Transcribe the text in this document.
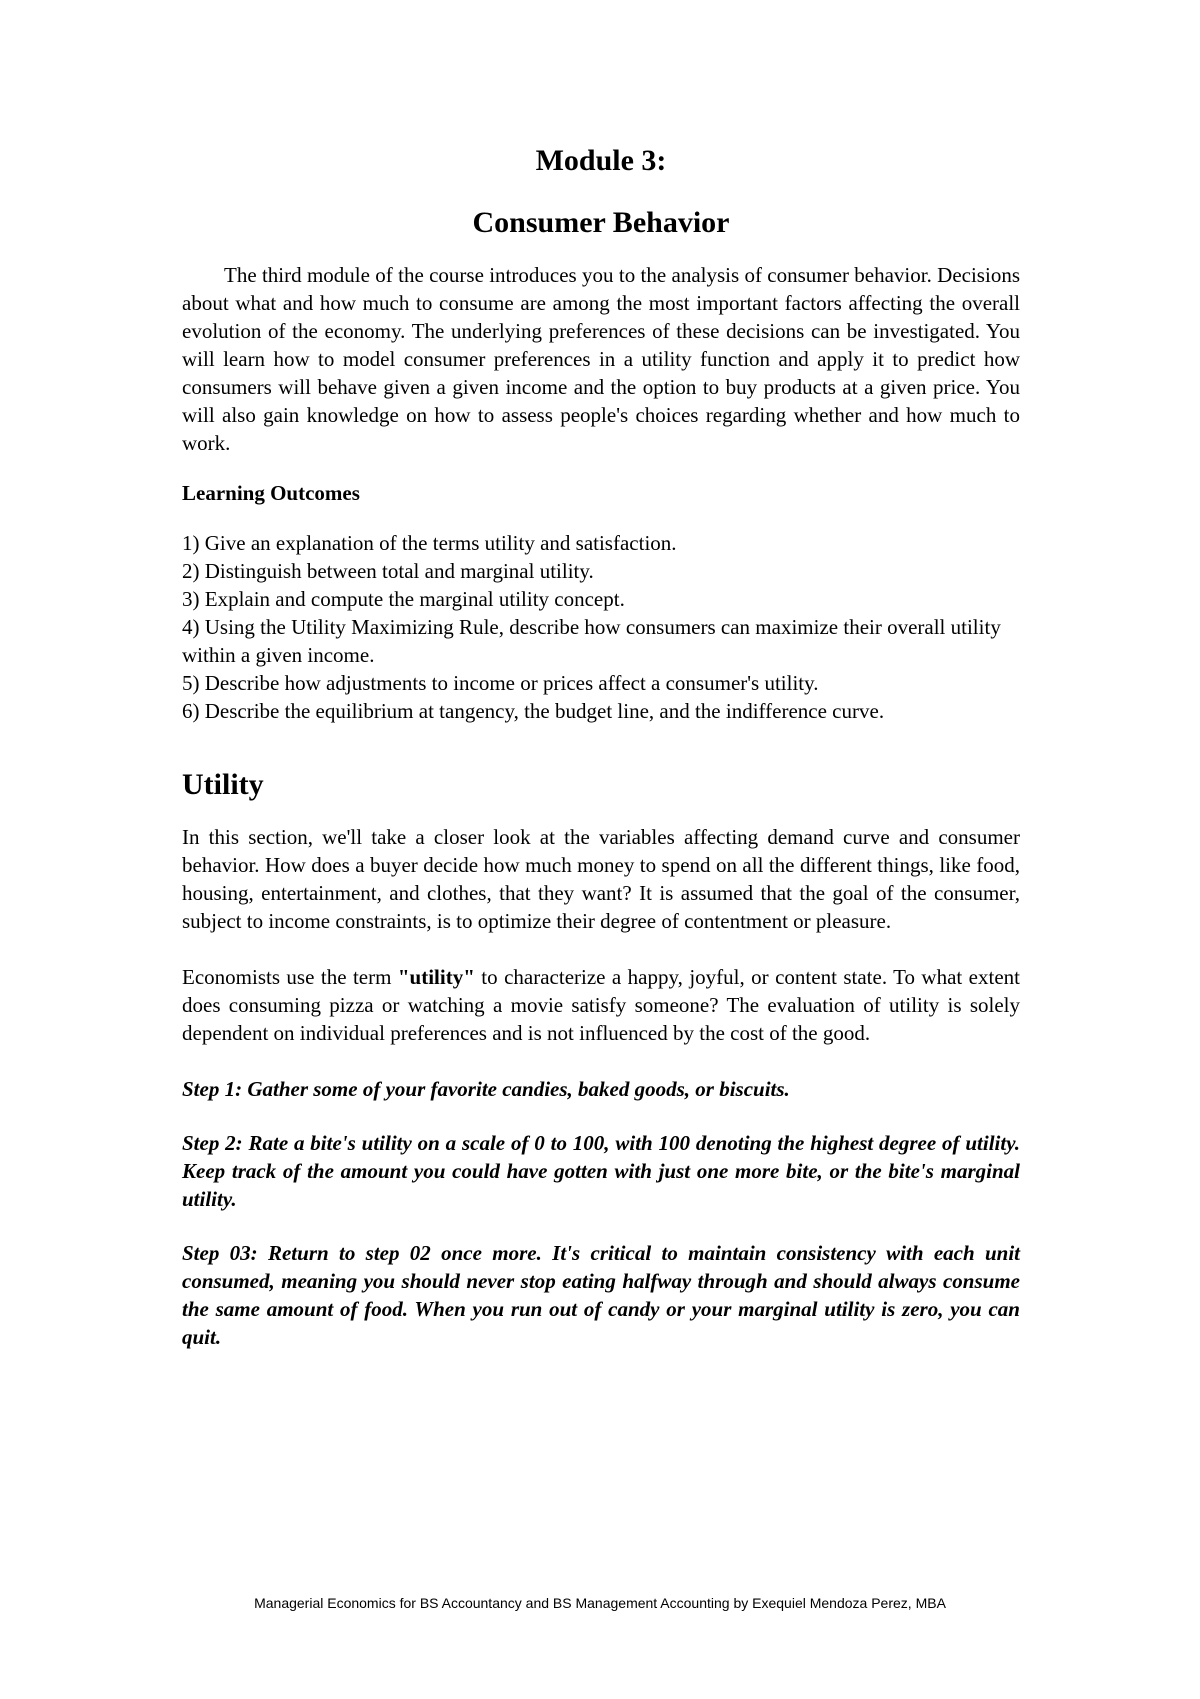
Module 3:
Consumer Behavior

The third module of the course introduces you to the analysis of consumer behavior. Decisions about what and how much to consume are among the most important factors affecting the overall evolution of the economy. The underlying preferences of these decisions can be investigated. You will learn how to model consumer preferences in a utility function and apply it to predict how consumers will behave given a given income and the option to buy products at a given price. You will also gain knowledge on how to assess people's choices regarding whether and how much to work.

Learning Outcomes

1) Give an explanation of the terms utility and satisfaction.
2) Distinguish between total and marginal utility.
3) Explain and compute the marginal utility concept.
4) Using the Utility Maximizing Rule, describe how consumers can maximize their overall utility within a given income.
5) Describe how adjustments to income or prices affect a consumer's utility.
6) Describe the equilibrium at tangency, the budget line, and the indifference curve.
Utility

In this section, we'll take a closer look at the variables affecting demand curve and consumer behavior. How does a buyer decide how much money to spend on all the different things, like food, housing, entertainment, and clothes, that they want? It is assumed that the goal of the consumer, subject to income constraints, is to optimize their degree of contentment or pleasure.

Economists use the term "utility" to characterize a happy, joyful, or content state. To what extent does consuming pizza or watching a movie satisfy someone? The evaluation of utility is solely dependent on individual preferences and is not influenced by the cost of the good.

Step 1: Gather some of your favorite candies, baked goods, or biscuits.

Step 2: Rate a bite's utility on a scale of 0 to 100, with 100 denoting the highest degree of utility. Keep track of the amount you could have gotten with just one more bite, or the bite's marginal utility.

Step 03: Return to step 02 once more. It's critical to maintain consistency with each unit consumed, meaning you should never stop eating halfway through and should always consume the same amount of food. When you run out of candy or your marginal utility is zero, you can quit.

Managerial Economics for BS Accountancy and BS Management Accounting by Exequiel Mendoza Perez, MBA
